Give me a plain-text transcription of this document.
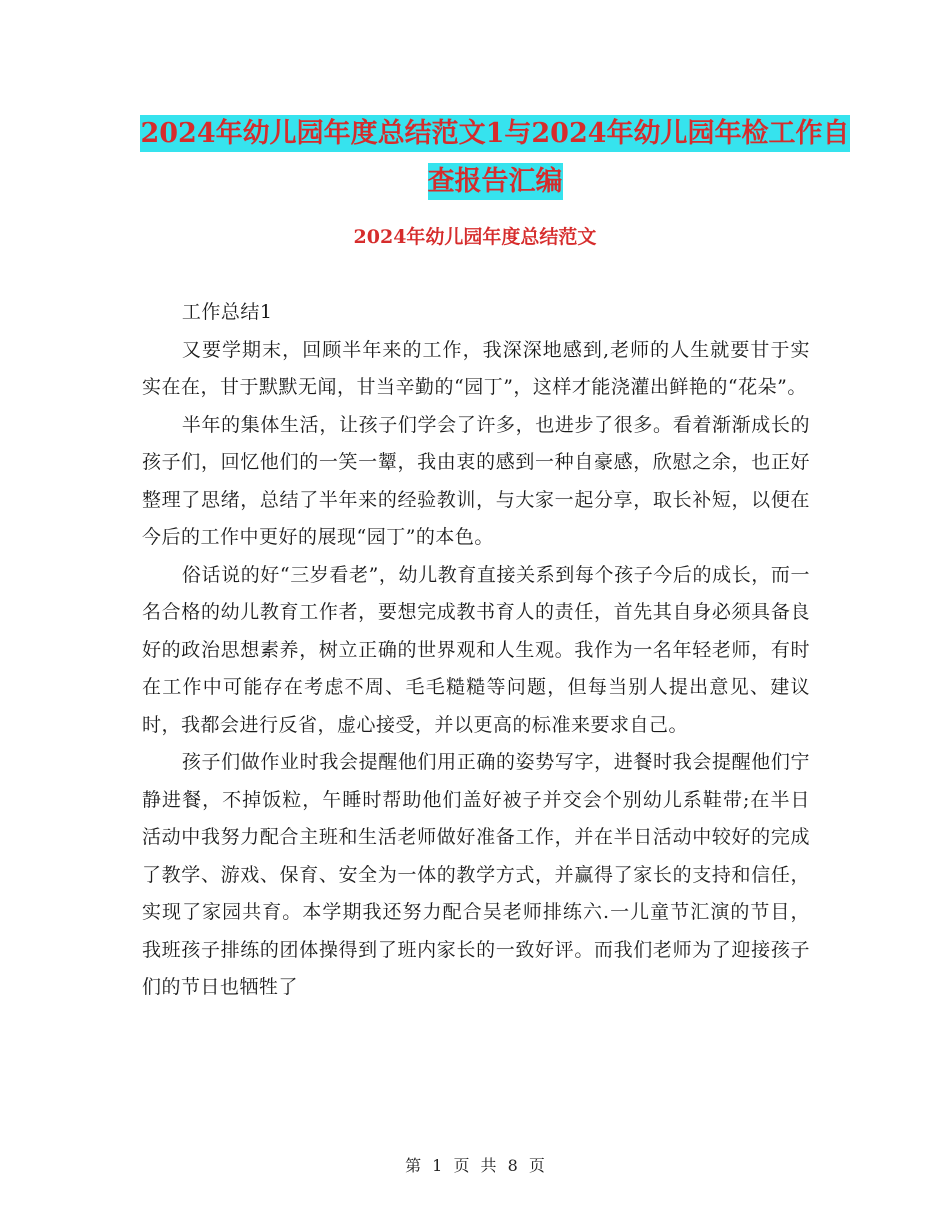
2024年幼儿园年度总结范文1与2024年幼儿园年检工作自查报告汇编
2024年幼儿园年度总结范文

工作总结1

又要学期末，回顾半年来的工作，我深深地感到,老师的人生就要甘于实实在在，甘于默默无闻，甘当辛勤的“园丁”，这样才能浇灌出鲜艳的“花朵”。

半年的集体生活，让孩子们学会了许多，也进步了很多。看着渐渐成长的孩子们，回忆他们的一笑一颦，我由衷的感到一种自豪感，欣慰之余，也正好整理了思绪，总结了半年来的经验教训，与大家一起分享，取长补短，以便在今后的工作中更好的展现“园丁”的本色。

俗话说的好“三岁看老”，幼儿教育直接关系到每个孩子今后的成长，而一名合格的幼儿教育工作者，要想完成教书育人的责任，首先其自身必须具备良好的政治思想素养，树立正确的世界观和人生观。我作为一名年轻老师，有时在工作中可能存在考虑不周、毛毛糙糙等问题，但每当别人提出意见、建议时，我都会进行反省，虚心接受，并以更高的标准来要求自己。

孩子们做作业时我会提醒他们用正确的姿势写字，进餐时我会提醒他们宁静进餐，不掉饭粒，午睡时帮助他们盖好被子并交会个别幼儿系鞋带;在半日活动中我努力配合主班和生活老师做好准备工作，并在半日活动中较好的完成了教学、游戏、保育、安全为一体的教学方式，并赢得了家长的支持和信任，实现了家园共育。本学期我还努力配合吴老师排练六.一儿童节汇演的节目，我班孩子排练的团体操得到了班内家长的一致好评。而我们老师为了迎接孩子们的节日也牺牲了

第 1 页 共 8 页
